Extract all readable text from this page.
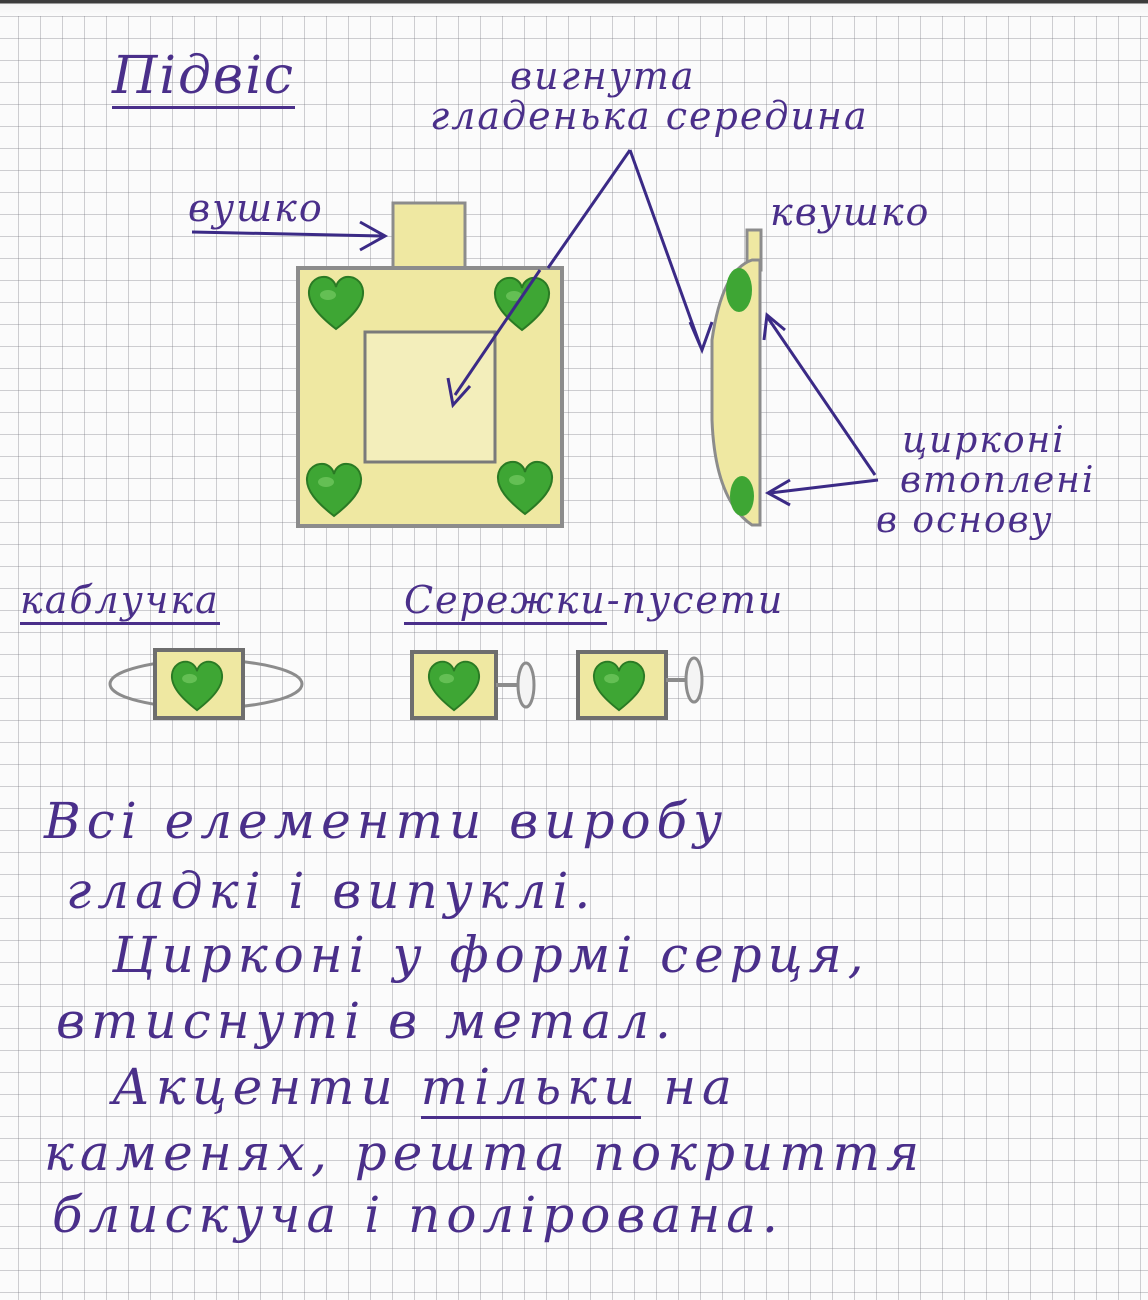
Підвіс	вигнута
гладенька середина
вушко	квушко
цирконі
втоплені
в основу
каблучка	Сережки-пусети
Всі елементи виробу
гладкі і випуклі.
Цирконі у формі серця,
втиснуті в метал.
Акценти тільки на
каменях, решта покриття
блискуча і полірована.
